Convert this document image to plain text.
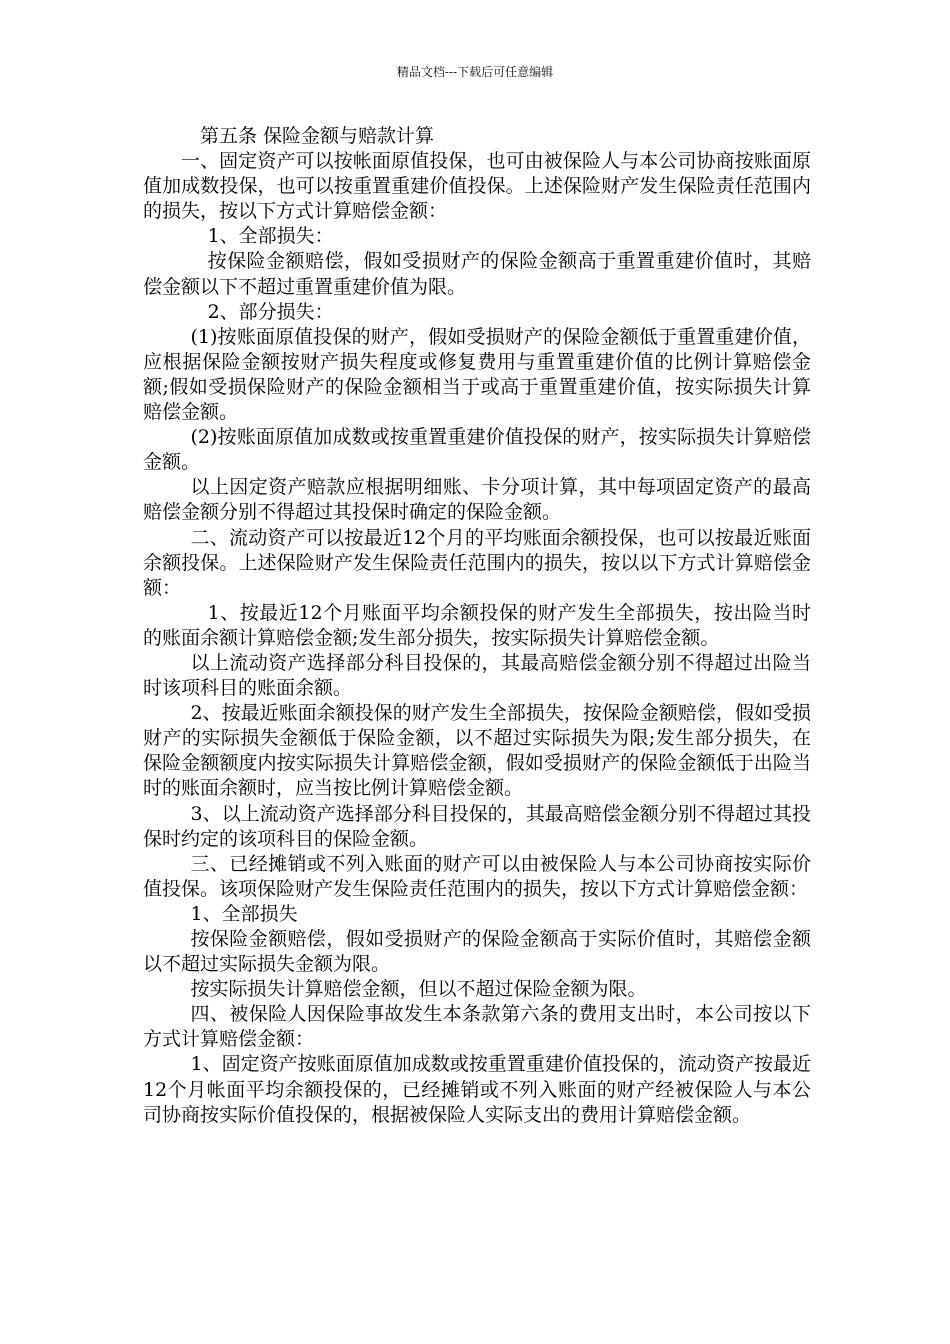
精品文档---下载后可任意编辑

第五条 保险金额与赔款计算

一、固定资产可以按帐面原值投保，也可由被保险人与本公司协商按账面原值加成数投保，也可以按重置重建价值投保。上述保险财产发生保险责任范围内的损失，按以下方式计算赔偿金额：

1、全部损失：

按保险金额赔偿，假如受损财产的保险金额高于重置重建价值时，其赔偿金额以下不超过重置重建价值为限。

2、部分损失：

(1)按账面原值投保的财产，假如受损财产的保险金额低于重置重建价值，应根据保险金额按财产损失程度或修复费用与重置重建价值的比例计算赔偿金额;假如受损保险财产的保险金额相当于或高于重置重建价值，按实际损失计算赔偿金额。

(2)按账面原值加成数或按重置重建价值投保的财产，按实际损失计算赔偿金额。

以上因定资产赔款应根据明细账、卡分项计算，其中每项固定资产的最高赔偿金额分别不得超过其投保时确定的保险金额。

二、流动资产可以按最近12个月的平均账面余额投保，也可以按最近账面余额投保。上述保险财产发生保险责任范围内的损失，按以以下方式计算赔偿金额：

1、按最近12个月账面平均余额投保的财产发生全部损失，按出险当时的账面余额计算赔偿金额;发生部分损失，按实际损失计算赔偿金额。

以上流动资产选择部分科目投保的，其最高赔偿金额分别不得超过出险当时该项科目的账面余额。

2、按最近账面余额投保的财产发生全部损失，按保险金额赔偿，假如受损财产的实际损失金额低于保险金额，以不超过实际损失为限;发生部分损失，在保险金额额度内按实际损失计算赔偿金额，假如受损财产的保险金额低于出险当时的账面余额时，应当按比例计算赔偿金额。

3、以上流动资产选择部分科目投保的，其最高赔偿金额分别不得超过其投保时约定的该项科目的保险金额。

三、已经摊销或不列入账面的财产可以由被保险人与本公司协商按实际价值投保。该项保险财产发生保险责任范围内的损失，按以下方式计算赔偿金额：

1、全部损失

按保险金额赔偿，假如受损财产的保险金额高于实际价值时，其赔偿金额以不超过实际损失金额为限。

按实际损失计算赔偿金额，但以不超过保险金额为限。

四、被保险人因保险事故发生本条款第六条的费用支出时，本公司按以下方式计算赔偿金额：

1、固定资产按账面原值加成数或按重置重建价值投保的，流动资产按最近12个月帐面平均余额投保的，已经摊销或不列入账面的财产经被保险人与本公司协商按实际价值投保的，根据被保险人实际支出的费用计算赔偿金额。
